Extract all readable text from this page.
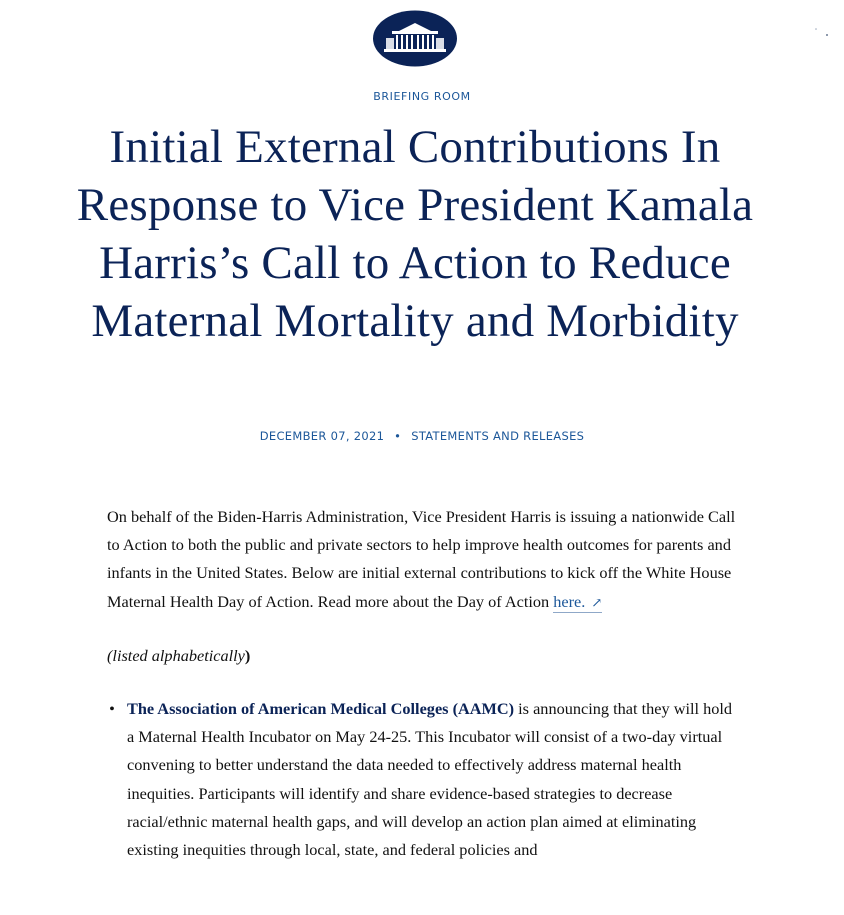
BRIEFING ROOM
Initial External Contributions In Response to Vice President Kamala Harris’s Call to Action to Reduce Maternal Mortality and Morbidity
DECEMBER 07, 2021 • STATEMENTS AND RELEASES

On behalf of the Biden-Harris Administration, Vice President Harris is issuing a nationwide Call to Action to both the public and private sectors to help improve health outcomes for parents and infants in the United States. Below are initial external contributions to kick off the White House Maternal Health Day of Action. Read more about the Day of Action here. ↗

(listed alphabetically)

• The Association of American Medical Colleges (AAMC) is announcing that they will hold a Maternal Health Incubator on May 24-25. This Incubator will consist of a two-day virtual convening to better understand the data needed to effectively address maternal health inequities. Participants will identify and share evidence-based strategies to decrease racial/ethnic maternal health gaps, and will develop an action plan aimed at eliminating existing inequities through local, state, and federal policies and
